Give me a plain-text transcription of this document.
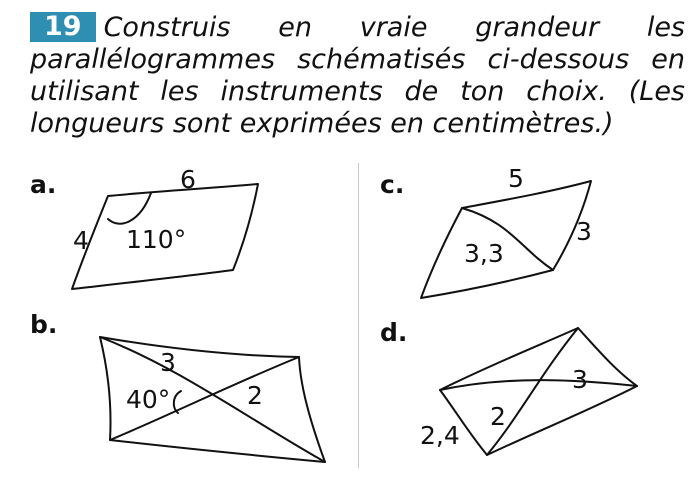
19 Construis en vraie grandeur les parallélogrammes schématisés ci-dessous en utilisant les instruments de ton choix. (Les longueurs sont exprimées en centimètres.)
a.
b.
c.
d.
6
4 110°
3
2
40°
5
3
3,3
3
2
2,4
